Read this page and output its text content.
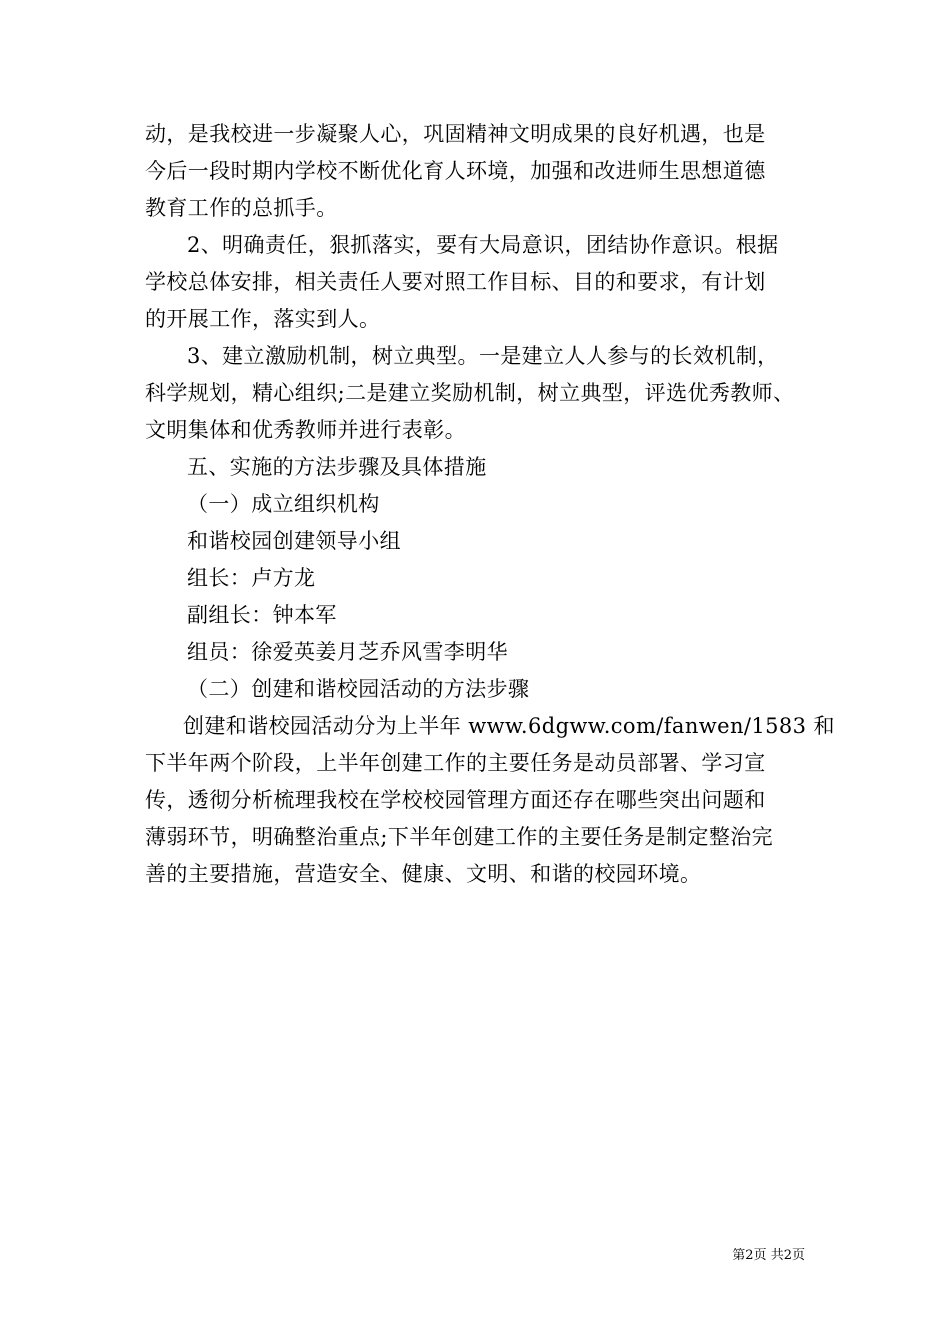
动，是我校进一步凝聚人心，巩固精神文明成果的良好机遇，也是
今后一段时期内学校不断优化育人环境，加强和改进师生思想道德
教育工作的总抓手。
2、明确责任，狠抓落实，要有大局意识，团结协作意识。根据
学校总体安排，相关责任人要对照工作目标、目的和要求，有计划
的开展工作，落实到人。
3、建立激励机制，树立典型。一是建立人人参与的长效机制，
科学规划，精心组织;二是建立奖励机制，树立典型，评选优秀教师、
文明集体和优秀教师并进行表彰。
五、实施的方法步骤及具体措施
（一）成立组织机构
和谐校园创建领导小组
组长：卢方龙
副组长：钟本军
组员：徐爱英姜月芝乔风雪李明华
（二）创建和谐校园活动的方法步骤
创建和谐校园活动分为上半年 www.6dgww.com/fanwen/1583 和
下半年两个阶段，上半年创建工作的主要任务是动员部署、学习宣
传，透彻分析梳理我校在学校校园管理方面还存在哪些突出问题和
薄弱环节，明确整治重点;下半年创建工作的主要任务是制定整治完
善的主要措施，营造安全、健康、文明、和谐的校园环境。
第2页 共2页
